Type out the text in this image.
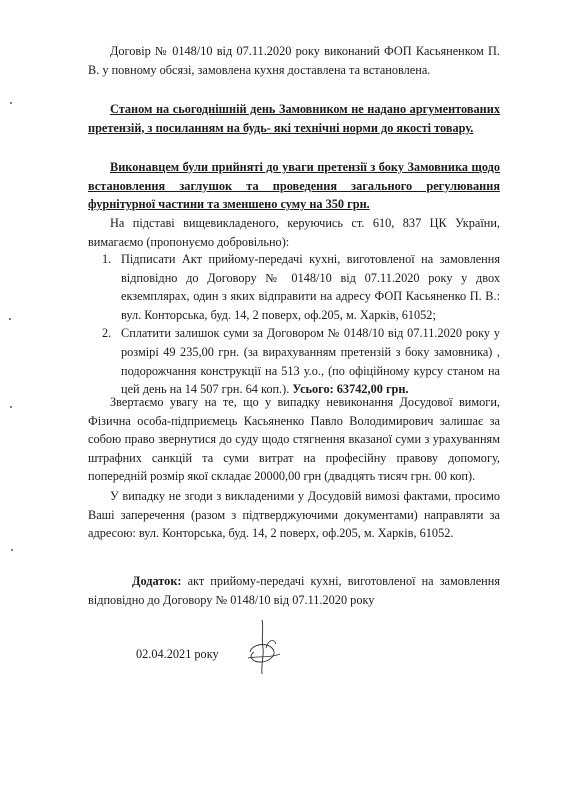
Договір № 0148/10 від 07.11.2020 року виконаний ФОП Касьяненком П. В. у повному обсязі, замовлена кухня доставлена та встановлена.

Станом на сьогоднішній день Замовником не надано аргументованих претензій, з посиланням на будь- які технічні норми до якості товару.

Виконавцем були прийняті до уваги претензії з боку Замовника щодо встановлення заглушок та проведення загального регулювання фурнітурної частини та зменшено суму на 350 грн.

На підставі вищевикладеного, керуючись ст. 610, 837 ЦК України, вимагаємо (пропонуємо добровільно):

1. Підписати Акт прийому-передачі кухні, виготовленої на замовлення відповідно до Договору № 0148/10 від 07.11.2020 року у двох екземплярах, один з яких відправити на адресу ФОП Касьяненко П. В.: вул. Конторська, буд. 14, 2 поверх, оф.205, м. Харків, 61052;
2. Сплатити залишок суми за Договором № 0148/10 від 07.11.2020 року у розмірі 49 235,00 грн. (за вирахуванням претензій з боку замовника) , подорожчання конструкції на 513 у.о., (по офіційному курсу станом на цей день на 14 507 грн. 64 коп.). Усього: 63742,00 грн.

Звертаємо увагу на те, що у випадку невиконання Досудової вимоги, Фізична особа-підприємець Касьяненко Павло Володимирович залишає за собою право звернутися до суду щодо стягнення вказаної суми з урахуванням штрафних санкцій та суми витрат на професійну правову допомогу, попередній розмір якої складає 20000,00 грн (двадцять тисяч грн. 00 коп).

У випадку не згоди з викладеними у Досудовій вимозі фактами, просимо Ваші заперечення (разом з підтверджуючими документами) направляти за адресою: вул. Конторська, буд. 14, 2 поверх, оф.205, м. Харків, 61052.

Додаток: акт прийому-передачі кухні, виготовленої на замовлення відповідно до Договору № 0148/10 від 07.11.2020 року

02.04.2021 року
